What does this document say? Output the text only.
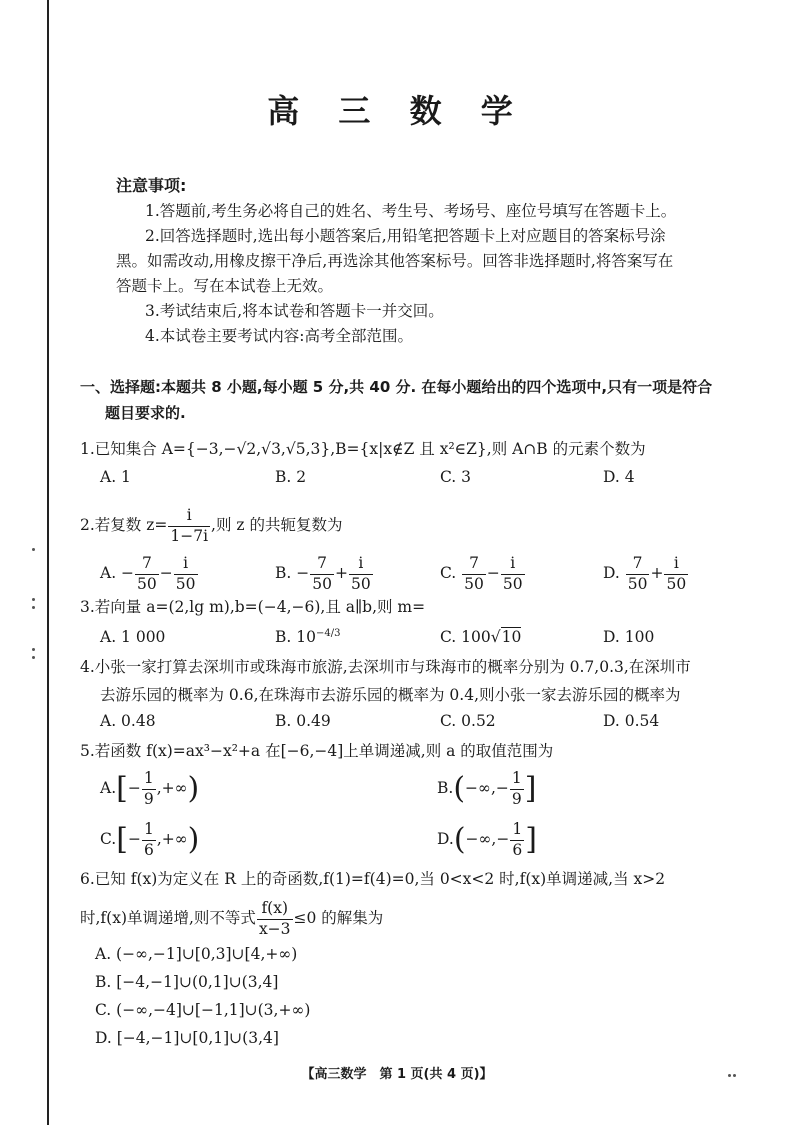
高 三 数 学
注意事项:
1.答题前,考生务必将自己的姓名、考生号、考场号、座位号填写在答题卡上。
2.回答选择题时,选出每小题答案后,用铅笔把答题卡上对应题目的答案标号涂
黑。如需改动,用橡皮擦干净后,再选涂其他答案标号。回答非选择题时,将答案写在
答题卡上。写在本试卷上无效。
3.考试结束后,将本试卷和答题卡一并交回。
4.本试卷主要考试内容:高考全部范围。
一、选择题:本题共 8 小题,每小题 5 分,共 40 分. 在每小题给出的四个选项中,只有一项是符合
题目要求的.
1.已知集合 A={−3,−√2,√3,√5,3},B={x|x∉Z 且 x²∈Z},则 A∩B 的元素个数为
A. 1	B. 2	C. 3	D. 4
2.若复数 $z= \frac{i}{1-7i}$ ,则 z 的共轭复数为
A. − $\frac{7}{50} - \frac{i}{50}$	B. − $\frac{7}{50} + \frac{i}{50}$	C. $\frac{7}{50} - \frac{i}{50}$	D. $\frac{7}{50} + \frac{i}{50}$
3.若向量 a=(2,lg m),b=(−4,−6),且 a∥b,则 m=
A. 1 000	B. $10^{-4/3}$	C. 100√10	D. 100
4.小张一家打算去深圳市或珠海市旅游,去深圳市与珠海市的概率分别为 0.7,0.3,在深圳市
去游乐园的概率为 0.6,在珠海市去游乐园的概率为 0.4,则小张一家去游乐园的概率为
A. 0.48	B. 0.49	C. 0.52	D. 0.54
5.若函数 f(x)=ax³−x²+a 在[−6,−4]上单调递减,则 a 的取值范围为
$A.[- \frac{1}{9}$ ,+∞)	$B.(-\infty,- \frac{1}{9}$ ]
$C.[- \frac{1}{6}$ ,+∞)	$D.(-\infty,- \frac{1}{6}$ ]
6.已知 f(x)为定义在 R 上的奇函数,f(1)=f(4)=0,当 0<x<2 时,f(x)单调递减,当 x>2
时,f(x)单调递增,则不等式 $\frac{f(x)}{x-3} \le 0$ 的解集为
A. (−∞,−1]∪[0,3]∪[4,+∞)
B. [−4,−1]∪(0,1]∪(3,4]
C. (−∞,−4]∪[−1,1]∪(3,+∞)
D. [−4,−1]∪[0,1]∪(3,4]
【高三数学　第 1 页(共 4 页)】
